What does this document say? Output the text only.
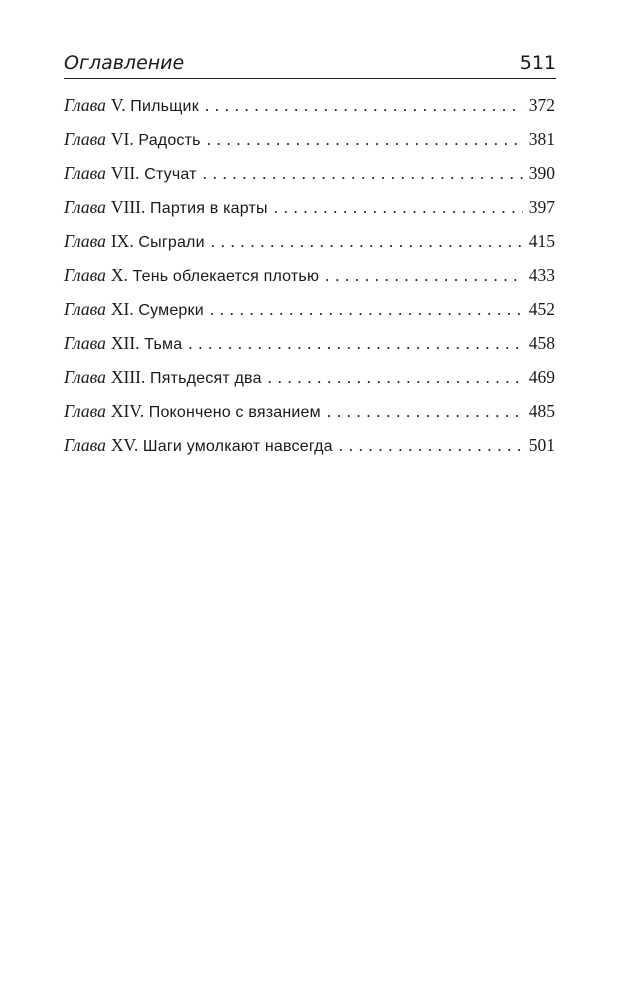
Оглавление	511
Глава V. Пильщик . . .	372
Глава VI. Радость . . .	381
Глава VII. Стучат . . .	390
Глава VIII. Партия в карты . . .	397
Глава IX. Сыграли . . .	415
Глава X. Тень облекается плотью . . .	433
Глава XI. Сумерки . . .	452
Глава XII. Тьма . . .	458
Глава XIII. Пятьдесят два . . .	469
Глава XIV. Покончено с вязанием . . .	485
Глава XV. Шаги умолкают навсегда . . .	501
